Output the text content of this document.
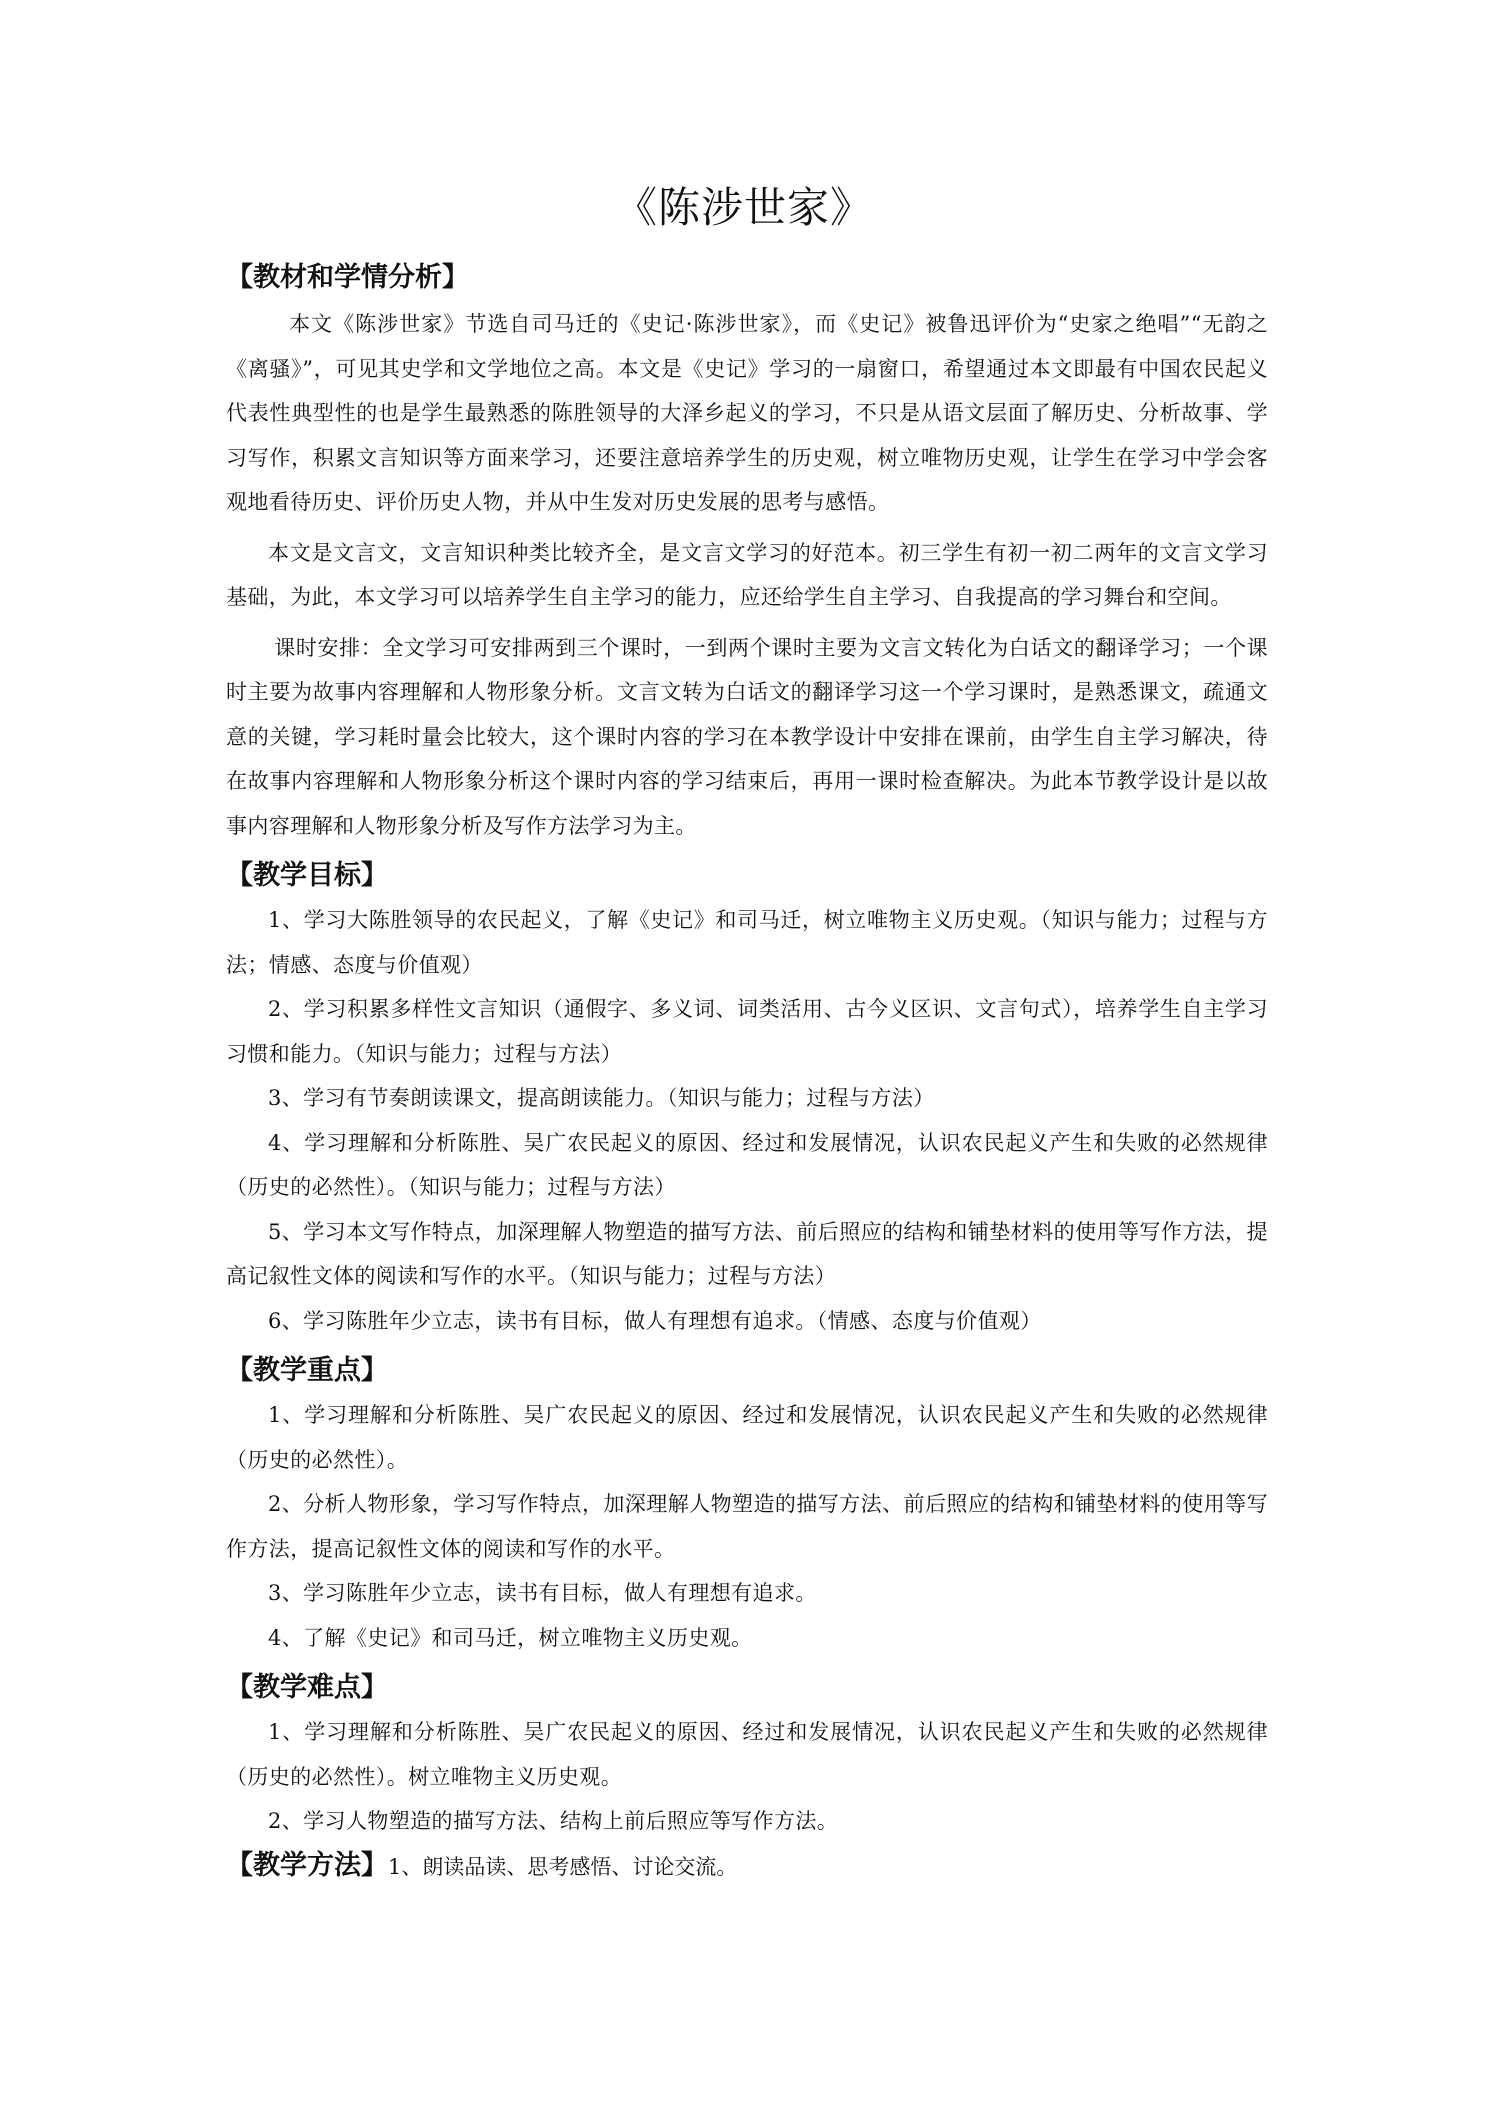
《陈涉世家》
【教材和学情分析】

本文《陈涉世家》节选自司马迁的《史记·陈涉世家》，而《史记》被鲁迅评价为“史家之绝唱”“无韵之《离骚》”，可见其史学和文学地位之高。本文是《史记》学习的一扇窗口，希望通过本文即最有中国农民起义代表性典型性的也是学生最熟悉的陈胜领导的大泽乡起义的学习，不只是从语文层面了解历史、分析故事、学习写作，积累文言知识等方面来学习，还要注意培养学生的历史观，树立唯物历史观，让学生在学习中学会客观地看待历史、评价历史人物，并从中生发对历史发展的思考与感悟。

本文是文言文，文言知识种类比较齐全，是文言文学习的好范本。初三学生有初一初二两年的文言文学习基础，为此，本文学习可以培养学生自主学习的能力，应还给学生自主学习、自我提高的学习舞台和空间。

课时安排：全文学习可安排两到三个课时，一到两个课时主要为文言文转化为白话文的翻译学习；一个课时主要为故事内容理解和人物形象分析。文言文转为白话文的翻译学习这一个学习课时，是熟悉课文，疏通文意的关键，学习耗时量会比较大，这个课时内容的学习在本教学设计中安排在课前，由学生自主学习解决，待在故事内容理解和人物形象分析这个课时内容的学习结束后，再用一课时检查解决。为此本节教学设计是以故事内容理解和人物形象分析及写作方法学习为主。

【教学目标】

1、学习大陈胜领导的农民起义，了解《史记》和司马迁，树立唯物主义历史观。（知识与能力；过程与方法；情感、态度与价值观）

2、学习积累多样性文言知识（通假字、多义词、词类活用、古今义区识、文言句式），培养学生自主学习习惯和能力。（知识与能力；过程与方法）

3、学习有节奏朗读课文，提高朗读能力。（知识与能力；过程与方法）

4、学习理解和分析陈胜、吴广农民起义的原因、经过和发展情况，认识农民起义产生和失败的必然规律（历史的必然性）。（知识与能力；过程与方法）

5、学习本文写作特点，加深理解人物塑造的描写方法、前后照应的结构和铺垫材料的使用等写作方法，提高记叙性文体的阅读和写作的水平。（知识与能力；过程与方法）

6、学习陈胜年少立志，读书有目标，做人有理想有追求。（情感、态度与价值观）

【教学重点】

1、学习理解和分析陈胜、吴广农民起义的原因、经过和发展情况，认识农民起义产生和失败的必然规律（历史的必然性）。

2、分析人物形象，学习写作特点，加深理解人物塑造的描写方法、前后照应的结构和铺垫材料的使用等写作方法，提高记叙性文体的阅读和写作的水平。

3、学习陈胜年少立志，读书有目标，做人有理想有追求。

4、了解《史记》和司马迁，树立唯物主义历史观。

【教学难点】

1、学习理解和分析陈胜、吴广农民起义的原因、经过和发展情况，认识农民起义产生和失败的必然规律（历史的必然性）。树立唯物主义历史观。

2、学习人物塑造的描写方法、结构上前后照应等写作方法。

【教学方法】1、朗读品读、思考感悟、讨论交流。
